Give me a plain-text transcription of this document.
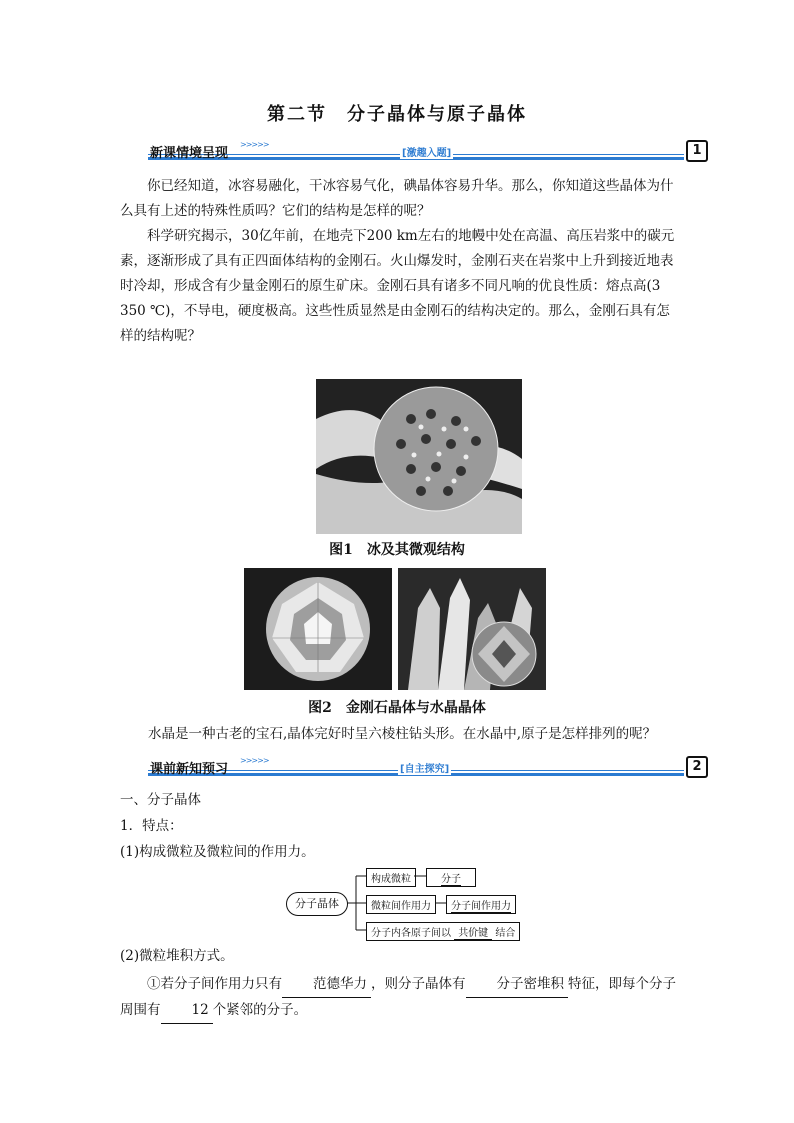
第二节　分子晶体与原子晶体
新课情境呈现
>>>>>
[激趣入题]	1
你已经知道，冰容易融化，干冰容易气化，碘晶体容易升华。那么，你知道这些晶体为什么具有上述的特殊性质吗？它们的结构是怎样的呢？
科学研究揭示，30亿年前，在地壳下200 km左右的地幔中处在高温、高压岩浆中的碳元素，逐渐形成了具有正四面体结构的金刚石。火山爆发时，金刚石夹在岩浆中上升到接近地表时冷却，形成含有少量金刚石的原生矿床。金刚石具有诸多不同凡响的优良性质：熔点高(3 350 ℃)，不导电，硬度极高。这些性质显然是由金刚石的结构决定的。那么，金刚石具有怎样的结构呢？
图1　冰及其微观结构
图2　金刚石晶体与水晶晶体
水晶是一种古老的宝石,晶体完好时呈六棱柱钻头形。在水晶中,原子是怎样排列的呢？
课前新知预习
>>>>>
[自主探究]	2
一、分子晶体
1．特点：
(1)构成微粒及微粒间的作用力。
分子晶体
构成微粒	分子
微粒间作用力	分子间作用力
分子内各原子间以 共价键 结合
(2)微粒堆积方式。
①若分子间作用力只有 范德华力 ，则分子晶体有 分子密堆积 特征，即每个分子周围有 12 个紧邻的分子。
